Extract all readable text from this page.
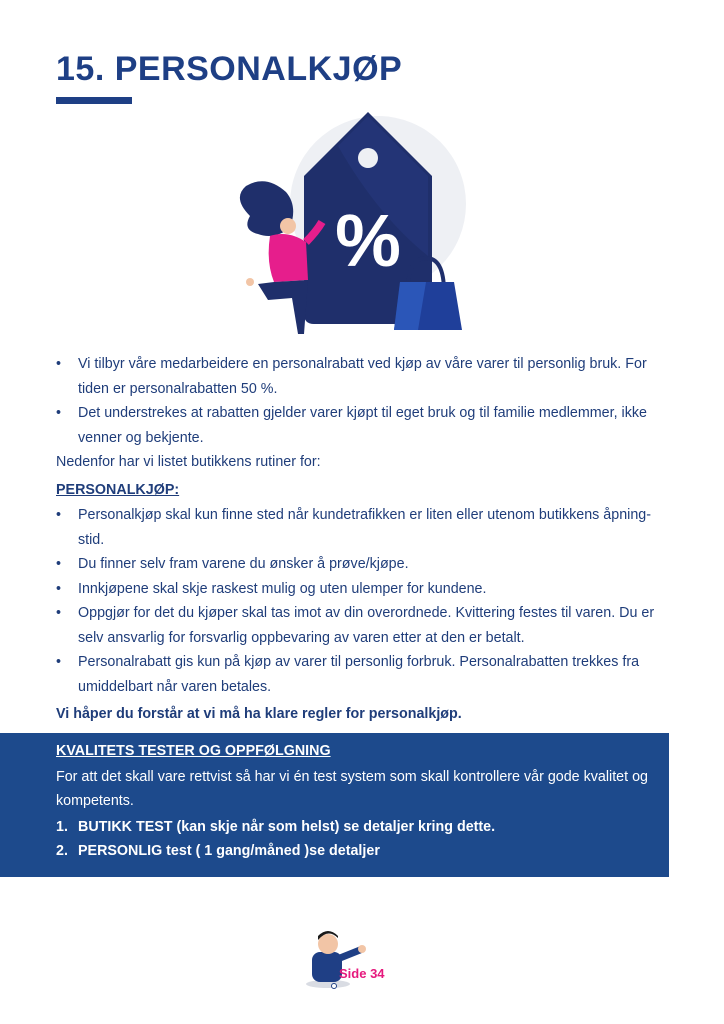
15. PERSONALKJØP
%
• Vi tilbyr våre medarbeidere en personalrabatt ved kjøp av våre varer til personlig bruk. For tiden er personalrabatten 50 %.
• Det understrekes at rabatten gjelder varer kjøpt til eget bruk og til familie medlemmer, ikke venner og bekjente.

Nedenfor har vi listet butikkens rutiner for:

PERSONALKJØP:

• Personalkjøp skal kun finne sted når kundetrafikken er liten eller utenom butikkens åpning-stid.
• Du finner selv fram varene du ønsker å prøve/kjøpe.
• Innkjøpene skal skje raskest mulig og uten ulemper for kundene.
• Oppgjør for det du kjøper skal tas imot av din overordnede. Kvittering festes til varen. Du er selv ansvarlig for forsvarlig oppbevaring av varen etter at den er betalt.
• Personalrabatt gis kun på kjøp av varer til personlig forbruk. Personalrabatten trekkes fra umiddelbart når varen betales.

Vi håper du forstår at vi må ha klare regler for personalkjøp.

KVALITETS TESTER OG OPPFØLGNING

For att det skall vare rettvist så har vi én test system som skall kontrollere vår gode kvalitet og kompetents.

1. BUTIKK TEST (kan skje når som helst) se detaljer kring dette.
2. PERSONLIG test ( 1 gang/måned )se detaljer
Side 34
